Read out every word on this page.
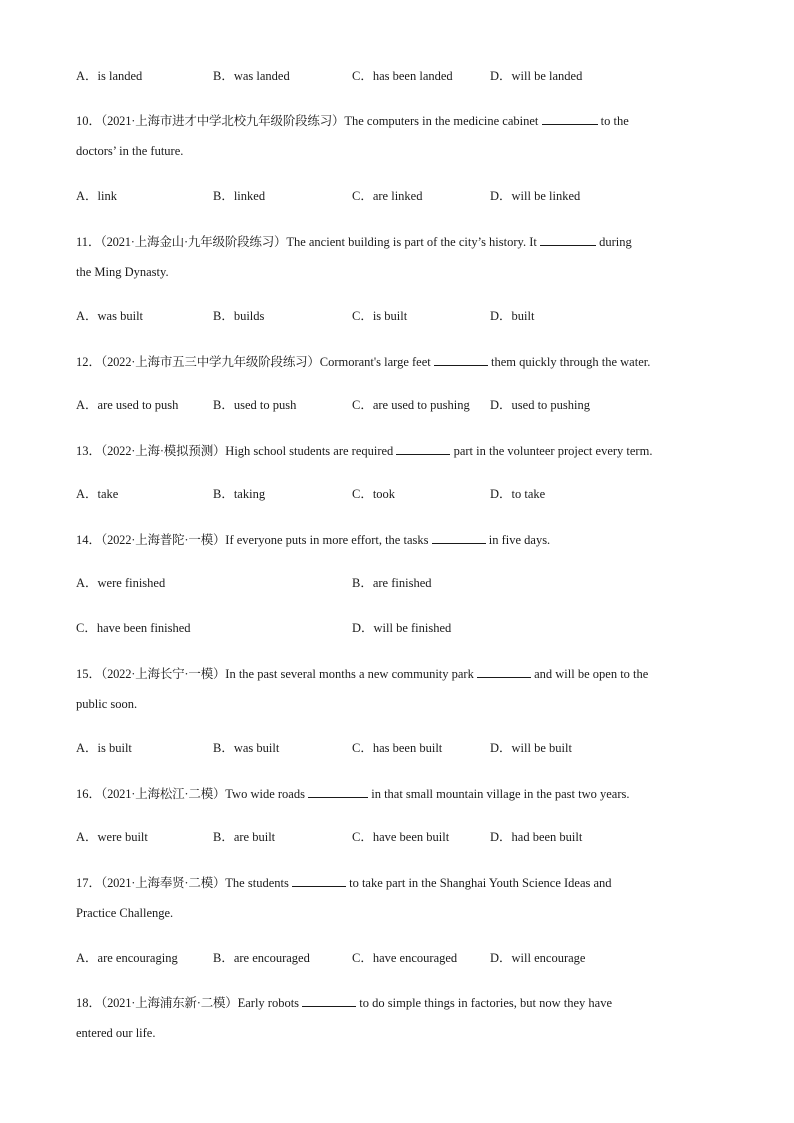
A．is landed	B．was landed	C．has been landed	D．will be landed
10．（2021·上海市进才中学北校九年级阶段练习）The computers in the medicine cabinet	to the
doctors’ in the future.
A．link	B．linked	C．are linked	D．will be linked
11．（2021·上海金山·九年级阶段练习）The ancient building is part of the city’s history. It	during
the Ming Dynasty.
A．was built	B．builds	C．is built	D．built
12．（2022·上海市五三中学九年级阶段练习）Cormorant's large feet	them quickly through the water.
A．are used to push	B．used to push	C．are used to pushing D．used to pushing
13．（2022·上海·模拟预测）High school students are required	part in the volunteer project every term.
A．take	B．taking	C．took	D．to take
14．（2022·上海普陀·一模）If everyone puts in more effort, the tasks	in five days.
A．were finished	B．are finished
C．have been finished	D．will be finished
15．（2022·上海长宁·一模）In the past several months a new community park	and will be open to the
public soon.
A．is built	B．was built	C．has been built	D．will be built
16．（2021·上海松江·二模）Two wide roads	in that small mountain village in the past two years.
A．were built	B．are built	C．have been built	D．had been built
17．（2021·上海奉贤·二模）The students	to take part in the Shanghai Youth Science Ideas and
Practice Challenge.
A．are encouraging	B．are encouraged	C．have encouraged	D．will encourage
18．（2021·上海浦东新·二模）Early robots	to do simple things in factories, but now they have
entered our life.
